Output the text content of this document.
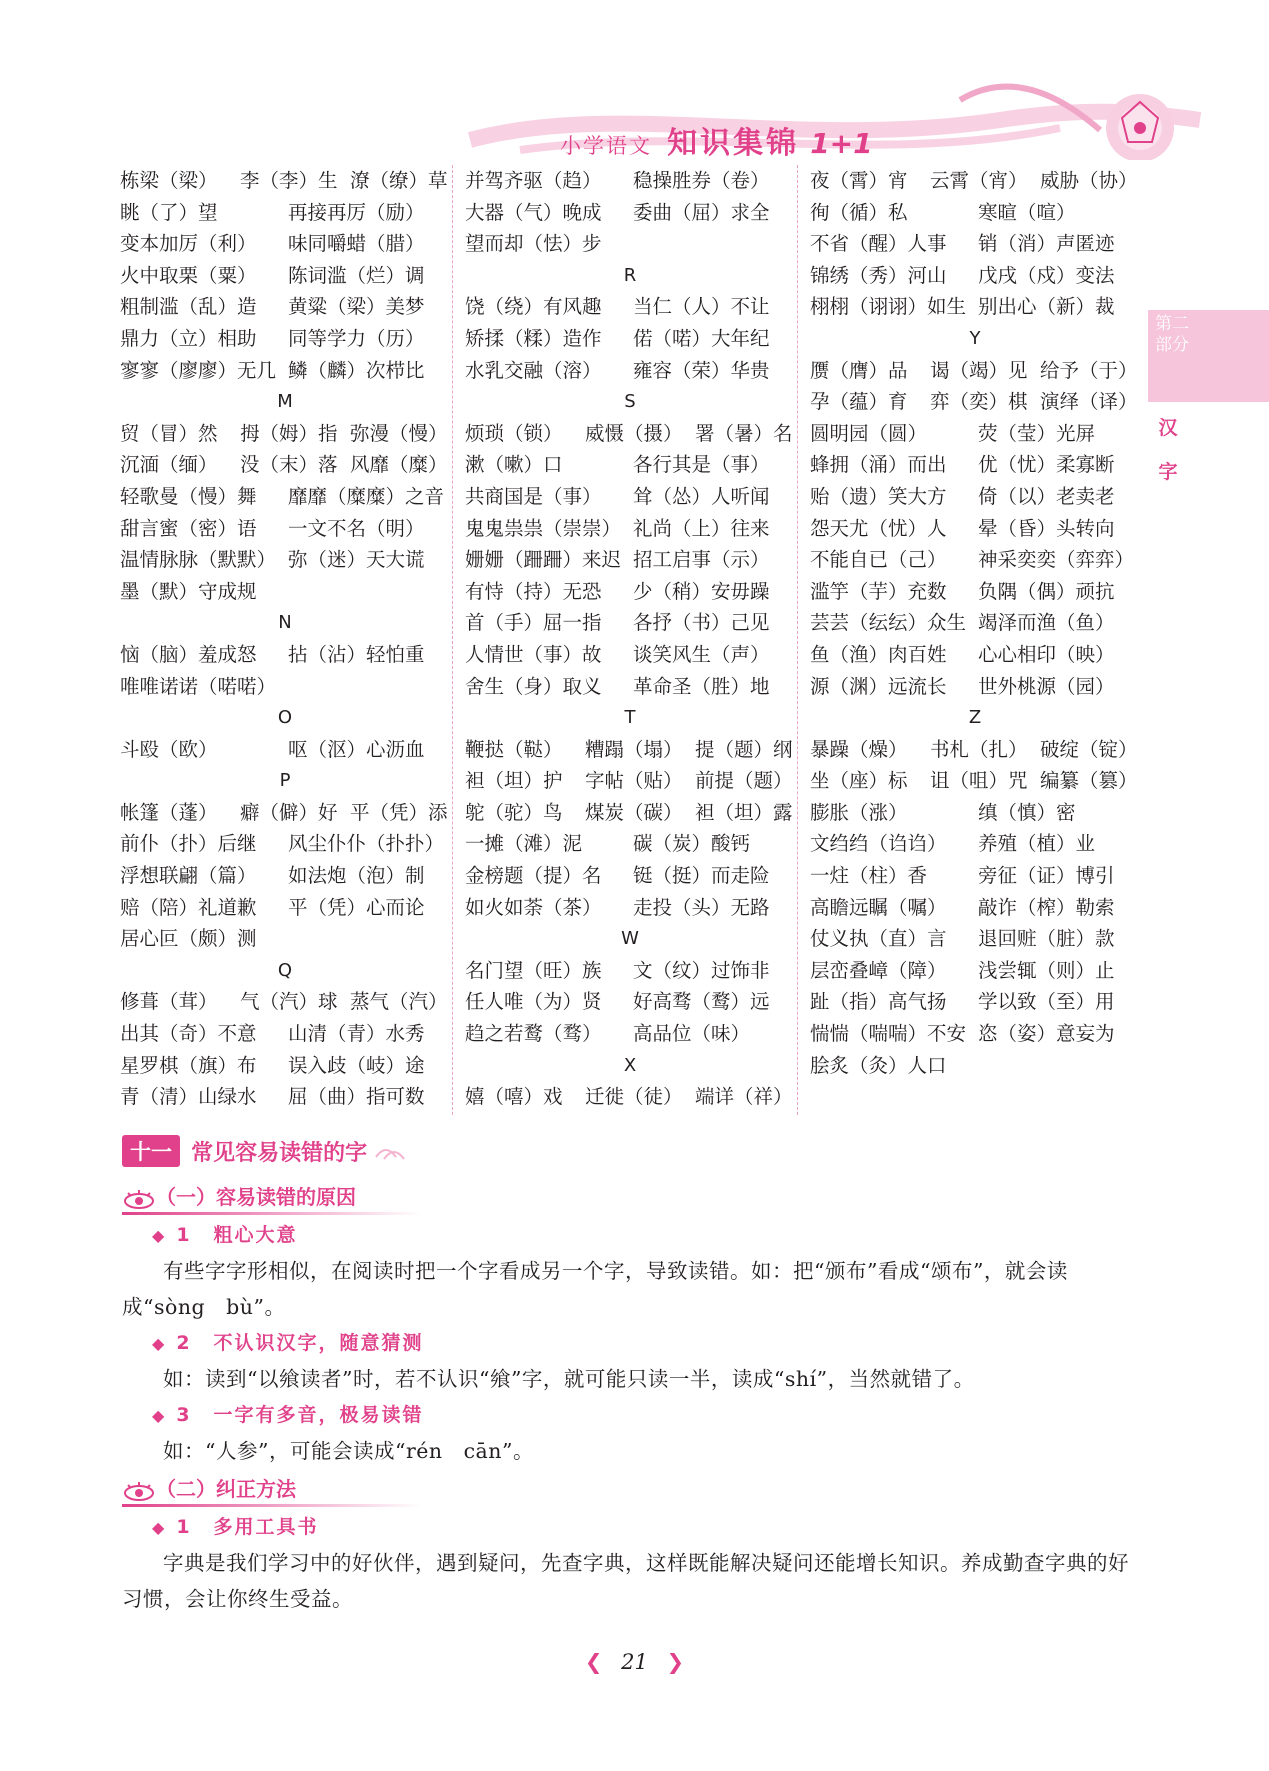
小学语文 知识集锦 1+1
第二部分
汉字
栋梁（梁） 李（李）生 潦（缭）草
眺（了）望	再接再厉（励）
变本加厉（利） 味同嚼蜡（腊）
火中取栗（粟） 陈词滥（烂）调
粗制滥（乱）造 黄粱（梁）美梦
鼎力（立）相助 同等学力（历）
寥寥（廖廖）无几 鳞（麟）次栉比
M
贸（冒）然 拇（姆）指 弥漫（慢）
沉湎（缅） 没（末）落 风靡（糜）
轻歌曼（慢）舞 靡靡（糜糜）之音
甜言蜜（密）语 一文不名（明）
温情脉脉（默默） 弥（迷）天大谎
墨（默）守成规
N
恼（脑）羞成怒 拈（沾）轻怕重
唯唯诺诺（喏喏）
O
斗殴（欧）	呕（沤）心沥血
P
帐篷（蓬） 癖（僻）好 平（凭）添
前仆（扑）后继 风尘仆仆（扑扑）
浮想联翩（篇） 如法炮（泡）制
赔（陪）礼道歉 平（凭）心而论
居心叵（颇）测
Q
修葺（茸） 气（汽）球 蒸气（汽）
出其（奇）不意 山清（青）水秀
星罗棋（旗）布 误入歧（岐）途
青（清）山绿水 屈（曲）指可数
并驾齐驱（趋） 稳操胜券（卷）
大器（气）晚成 委曲（屈）求全
望而却（怯）步
R
饶（绕）有风趣 当仁（人）不让
矫揉（糅）造作 偌（喏）大年纪
水乳交融（溶） 雍容（荣）华贵
S
烦琐（锁） 威慑（摄） 署（暑）名
漱（嗽）口	各行其是（事）
共商国是（事） 耸（怂）人听闻
鬼鬼祟祟（崇崇） 礼尚（上）往来
姗姗（跚跚）来迟 招工启事（示）
有恃（持）无恐 少（稍）安毋躁
首（手）屈一指 各抒（书）己见
人情世（事）故 谈笑风生（声）
舍生（身）取义 革命圣（胜）地
T
鞭挞（鞑） 糟蹋（塌） 提（题）纲
袒（坦）护 字帖（贴） 前提（题）
鸵（驼）鸟 煤炭（碳） 袒（坦）露
一摊（滩）泥	碳（炭）酸钙
金榜题（提）名 铤（挺）而走险
如火如荼（茶） 走投（头）无路
W
名门望（旺）族 文（纹）过饰非
任人唯（为）贤 好高骛（鹜）远
趋之若鹜（骛） 高品位（味）
X
嬉（嘻）戏 迁徙（徒） 端详（祥）
夜（霄）宵 云霄（宵） 威胁（协）
徇（循）私	寒暄（喧）
不省（醒）人事 销（消）声匿迹
锦绣（秀）河山 戊戌（戍）变法
栩栩（诩诩）如生 别出心（新）裁
Y
赝（膺）品 谒（竭）见 给予（于）
孕（蕴）育 弈（奕）棋 演绎（译）
圆明园（圆）	荧（莹）光屏
蜂拥（涌）而出 优（忧）柔寡断
贻（遗）笑大方 倚（以）老卖老
怨天尤（忧）人 晕（昏）头转向
不能自已（己） 神采奕奕（弈弈）
滥竽（芋）充数 负隅（偶）顽抗
芸芸（纭纭）众生 竭泽而渔（鱼）
鱼（渔）肉百姓 心心相印（映）
源（渊）远流长 世外桃源（园）
Z
暴躁（燥） 书札（扎） 破绽（锭）
坐（座）标 诅（咀）咒 编纂（篡）
膨胀（涨）	缜（慎）密
文绉绉（诌诌） 养殖（植）业
一炷（柱）香	旁征（证）博引
高瞻远瞩（嘱） 敲诈（榨）勒索
仗义执（直）言 退回赃（脏）款
层峦叠嶂（障） 浅尝辄（则）止
趾（指）高气扬 学以致（至）用
惴惴（喘喘）不安 恣（姿）意妄为
脍炙（灸）人口
十一 常见容易读错的字
（一）容易读错的原因
◆ 1 粗心大意

有些字字形相似，在阅读时把一个字看成另一个字，导致读错。如：把“颁布”看成“颂布”，就会读成“sòng　bù”。

◆ 2 不认识汉字，随意猜测

如：读到“以飨读者”时，若不认识“飨”字，就可能只读一半，读成“shí”，当然就错了。

◆ 3 一字有多音，极易读错

如：“人参”，可能会读成“rén　cān”。

（二）纠正方法
◆ 1 多用工具书

字典是我们学习中的好伙伴，遇到疑问，先查字典，这样既能解决疑问还能增长知识。养成勤查字典的好习惯，会让你终生受益。

❮ 21 ❯
